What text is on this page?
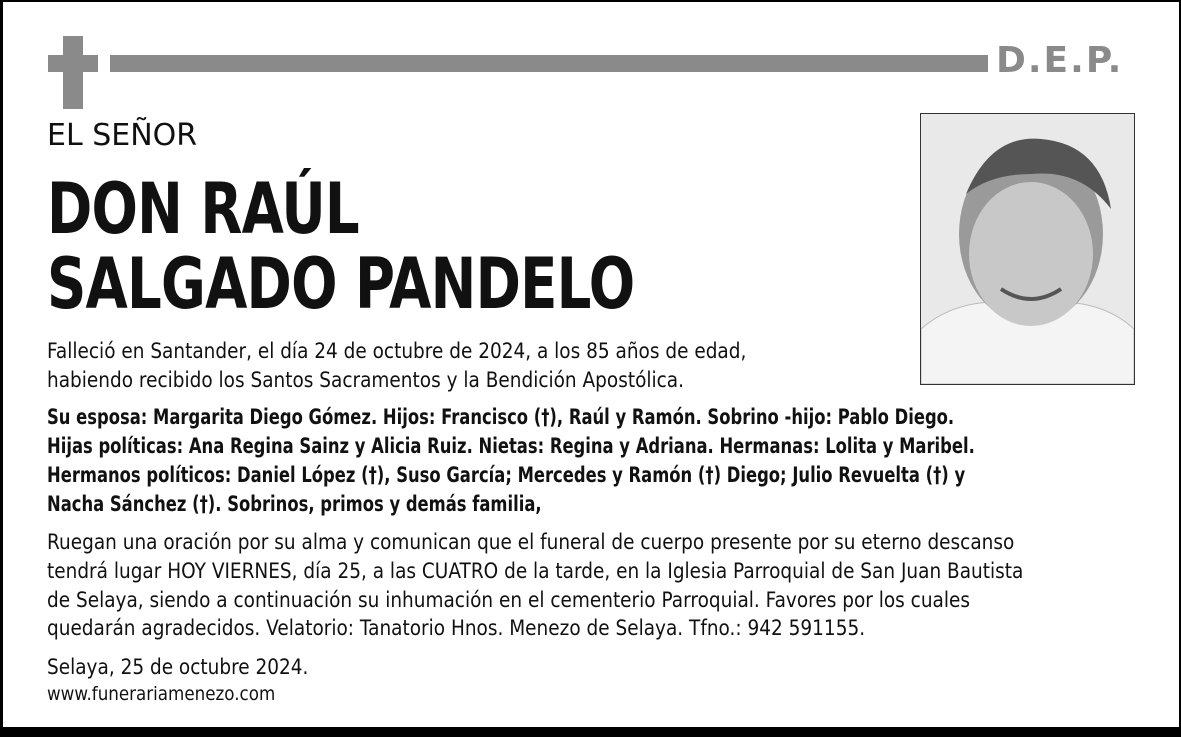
D.E.P.
EL SEÑOR
DON RAÚL
SALGADO PANDELO
Falleció en Santander, el día 24 de octubre de 2024, a los 85 años de edad,
habiendo recibido los Santos Sacramentos y la Bendición Apostólica.
Su esposa: Margarita Diego Gómez. Hijos: Francisco (†), Raúl y Ramón. Sobrino -hijo: Pablo Diego.
Hijas políticas: Ana Regina Sainz y Alicia Ruiz. Nietas: Regina y Adriana. Hermanas: Lolita y Maribel.
Hermanos políticos: Daniel López (†), Suso García; Mercedes y Ramón (†) Diego; Julio Revuelta (†) y
Nacha Sánchez (†). Sobrinos, primos y demás familia,
Ruegan una oración por su alma y comunican que el funeral de cuerpo presente por su eterno descanso
tendrá lugar HOY VIERNES, día 25, a las CUATRO de la tarde, en la Iglesia Parroquial de San Juan Bautista
de Selaya, siendo a continuación su inhumación en el cementerio Parroquial. Favores por los cuales
quedarán agradecidos. Velatorio: Tanatorio Hnos. Menezo de Selaya. Tfno.: 942 591155.
Selaya, 25 de octubre 2024.
www.funerariamenezo.com
